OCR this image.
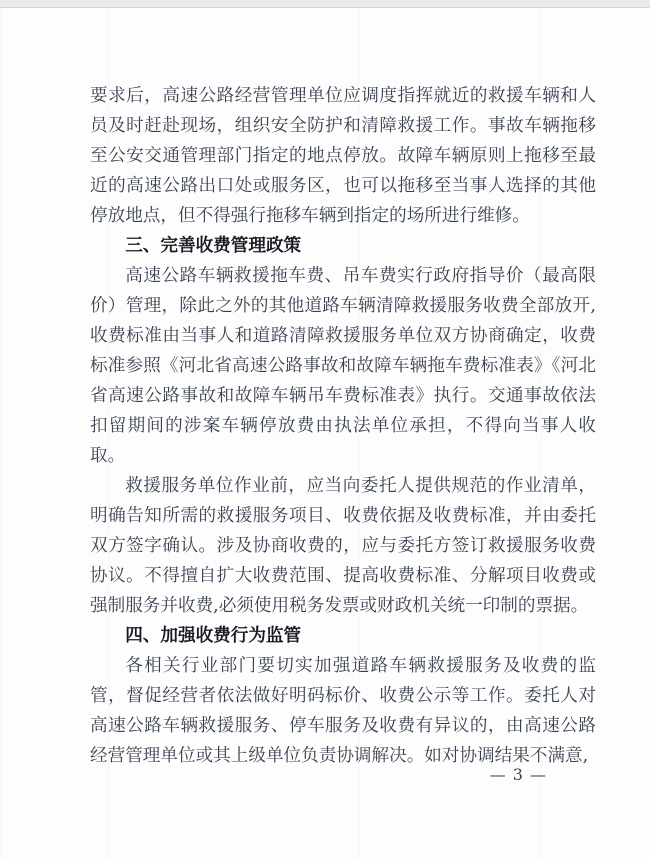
要求后，高速公路经营管理单位应调度指挥就近的救援车辆和人员及时赶赴现场，组织安全防护和清障救援工作。事故车辆拖移至公安交通管理部门指定的地点停放。故障车辆原则上拖移至最近的高速公路出口处或服务区，也可以拖移至当事人选择的其他停放地点，但不得强行拖移车辆到指定的场所进行维修。

三、完善收费管理政策

高速公路车辆救援拖车费、吊车费实行政府指导价（最高限价）管理，除此之外的其他道路车辆清障救援服务收费全部放开,收费标准由当事人和道路清障救援服务单位双方协商确定，收费标准参照《河北省高速公路事故和故障车辆拖车费标准表》《河北省高速公路事故和故障车辆吊车费标准表》执行。交通事故依法扣留期间的涉案车辆停放费由执法单位承担，不得向当事人收取。

救援服务单位作业前，应当向委托人提供规范的作业清单，明确告知所需的救援服务项目、收费依据及收费标准，并由委托双方签字确认。涉及协商收费的，应与委托方签订救援服务收费协议。不得擅自扩大收费范围、提高收费标准、分解项目收费或强制服务并收费,必须使用税务发票或财政机关统一印制的票据。

四、加强收费行为监管

各相关行业部门要切实加强道路车辆救援服务及收费的监管，督促经营者依法做好明码标价、收费公示等工作。委托人对高速公路车辆救援服务、停车服务及收费有异议的，由高速公路经营管理单位或其上级单位负责协调解决。如对协调结果不满意,

— 3 —
